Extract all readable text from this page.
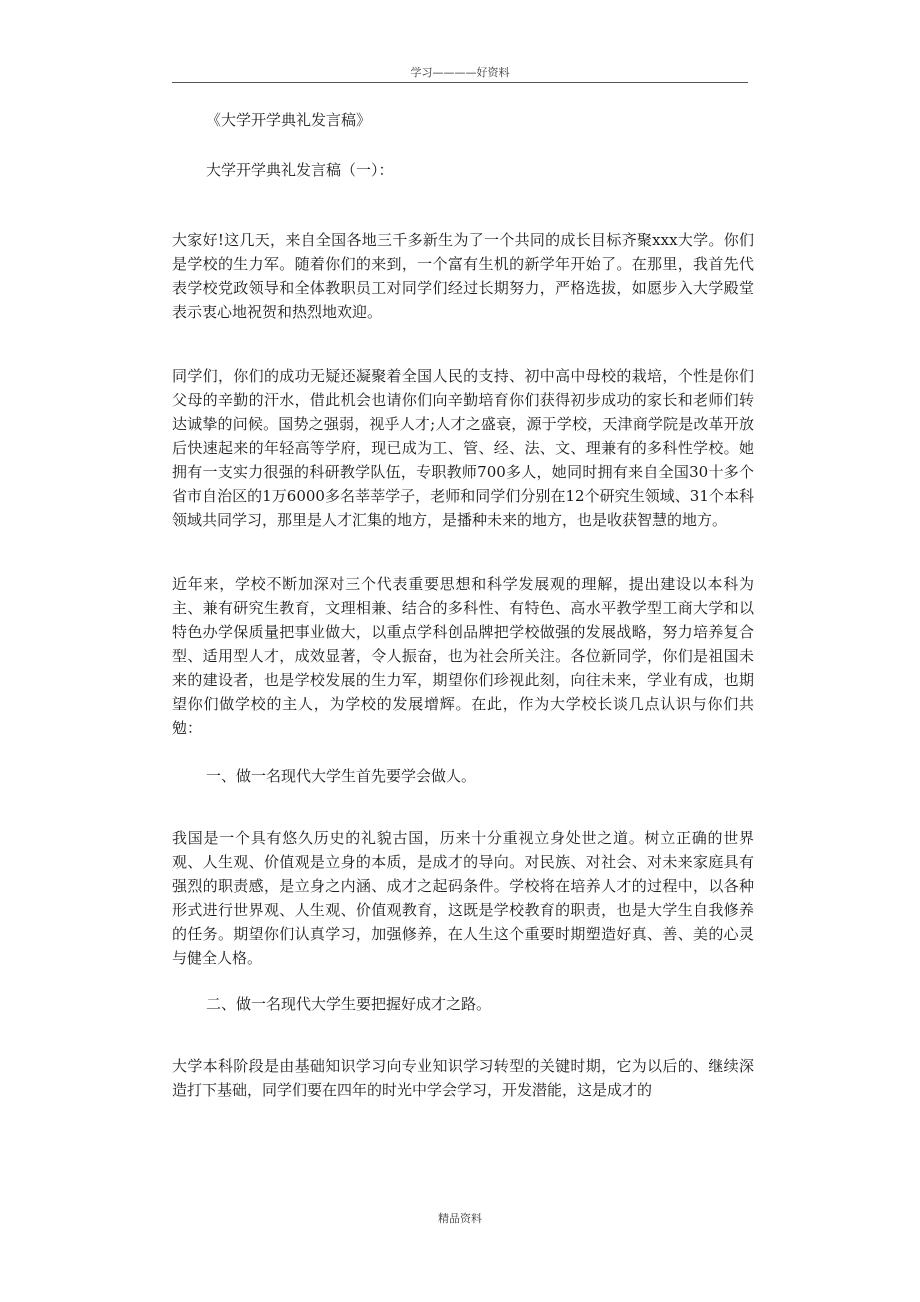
学习————好资料

《大学开学典礼发言稿》

大学开学典礼发言稿（一）：

大家好!这几天，来自全国各地三千多新生为了一个共同的成长目标齐聚xxx大学。你们是学校的生力军。随着你们的来到，一个富有生机的新学年开始了。在那里，我首先代表学校党政领导和全体教职员工对同学们经过长期努力，严格选拔，如愿步入大学殿堂表示衷心地祝贺和热烈地欢迎。

同学们，你们的成功无疑还凝聚着全国人民的支持、初中高中母校的栽培，个性是你们父母的辛勤的汗水，借此机会也请你们向辛勤培育你们获得初步成功的家长和老师们转达诚挚的问候。国势之强弱，视乎人才;人才之盛衰，源于学校，天津商学院是改革开放后快速起来的年轻高等学府，现已成为工、管、经、法、文、理兼有的多科性学校。她拥有一支实力很强的科研教学队伍，专职教师700多人，她同时拥有来自全国30十多个省市自治区的1万6000多名莘莘学子，老师和同学们分别在12个研究生领域、31个本科领域共同学习，那里是人才汇集的地方，是播种未来的地方，也是收获智慧的地方。

近年来，学校不断加深对三个代表重要思想和科学发展观的理解，提出建设以本科为主、兼有研究生教育，文理相兼、结合的多科性、有特色、高水平教学型工商大学和以特色办学保质量把事业做大，以重点学科创品牌把学校做强的发展战略，努力培养复合型、适用型人才，成效显著，令人振奋，也为社会所关注。各位新同学，你们是祖国未来的建设者，也是学校发展的生力军，期望你们珍视此刻，向往未来，学业有成，也期望你们做学校的主人，为学校的发展增辉。在此，作为大学校长谈几点认识与你们共勉：

一、做一名现代大学生首先要学会做人。

我国是一个具有悠久历史的礼貌古国，历来十分重视立身处世之道。树立正确的世界观、人生观、价值观是立身的本质，是成才的导向。对民族、对社会、对未来家庭具有强烈的职责感，是立身之内涵、成才之起码条件。学校将在培养人才的过程中，以各种形式进行世界观、人生观、价值观教育，这既是学校教育的职责，也是大学生自我修养的任务。期望你们认真学习，加强修养，在人生这个重要时期塑造好真、善、美的心灵与健全人格。

二、做一名现代大学生要把握好成才之路。

大学本科阶段是由基础知识学习向专业知识学习转型的关键时期，它为以后的、继续深造打下基础，同学们要在四年的时光中学会学习，开发潜能，这是成才的

精品资料
